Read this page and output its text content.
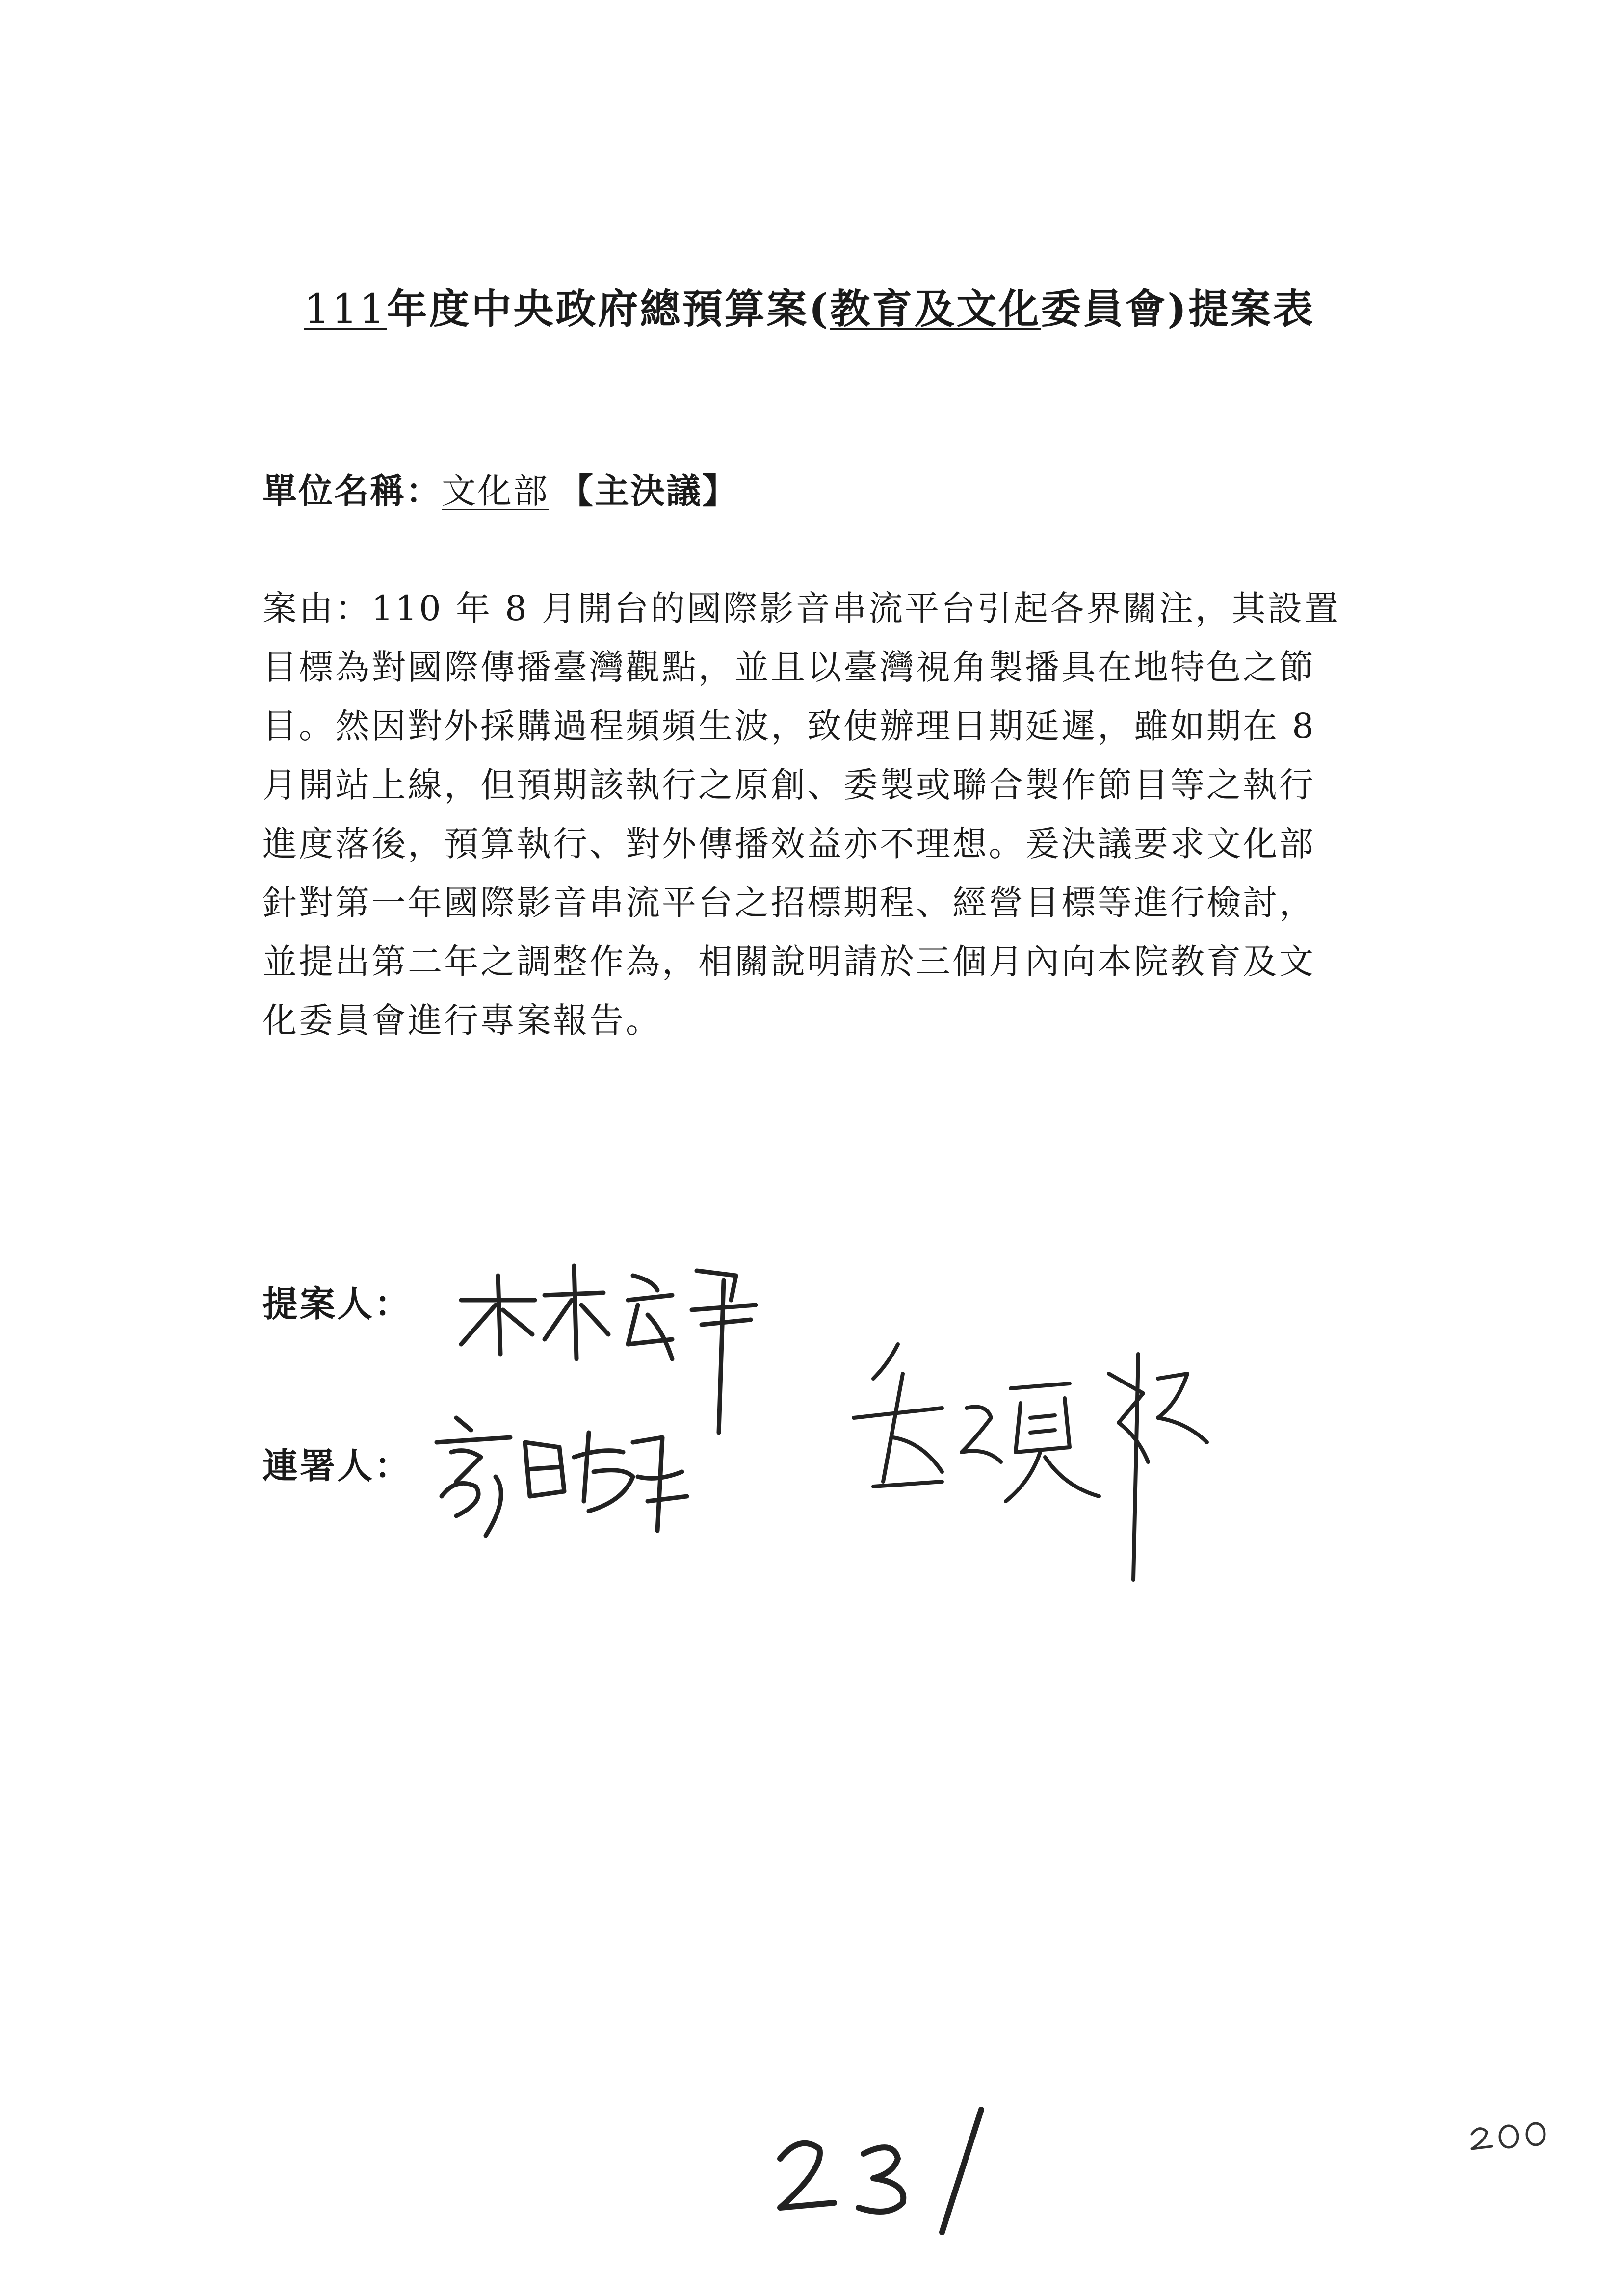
111年度中央政府總預算案(教育及文化委員會)提案表
單位名稱：文化部 【主決議】
案由：110 年 8 月開台的國際影音串流平台引起各界關注，其設置
目標為對國際傳播臺灣觀點，並且以臺灣視角製播具在地特色之節
目。然因對外採購過程頻頻生波，致使辦理日期延遲，雖如期在 8
月開站上線，但預期該執行之原創、委製或聯合製作節目等之執行
進度落後，預算執行、對外傳播效益亦不理想。爰決議要求文化部
針對第一年國際影音串流平台之招標期程、經營目標等進行檢討，
並提出第二年之調整作為，相關說明請於三個月內向本院教育及文
化委員會進行專案報告。
提案人：
連署人：
